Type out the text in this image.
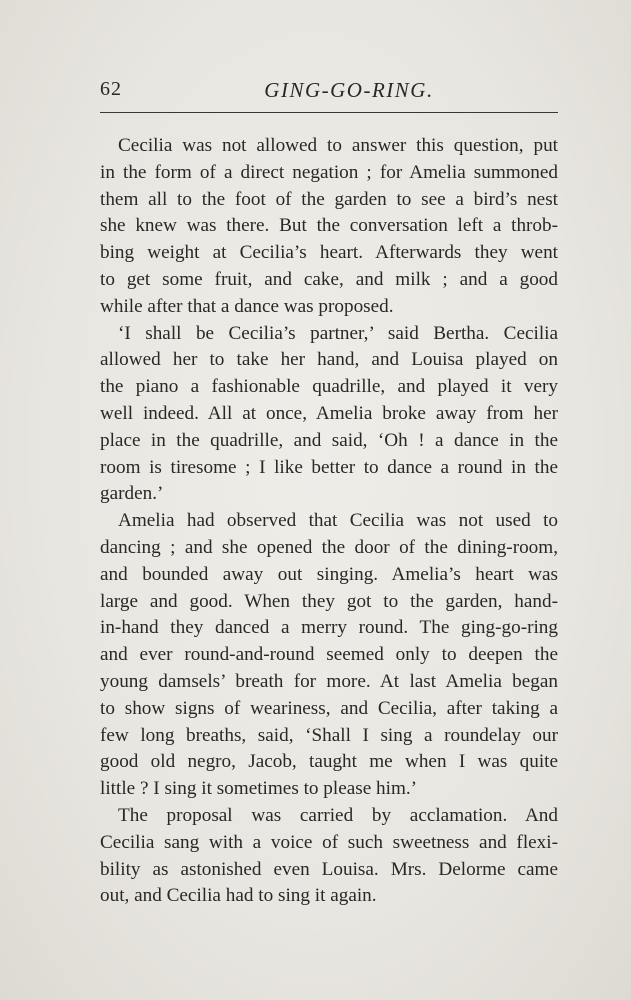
62	GING-GO-RING.
Cecilia was not allowed to answer this question, put
in the form of a direct negation ; for Amelia summoned
them all to the foot of the garden to see a bird’s nest
she knew was there. But the conversation left a throb-
bing weight at Cecilia’s heart. Afterwards they went
to get some fruit, and cake, and milk ; and a good
while after that a dance was proposed.
‘I shall be Cecilia’s partner,’ said Bertha. Cecilia
allowed her to take her hand, and Louisa played on
the piano a fashionable quadrille, and played it very
well indeed. All at once, Amelia broke away from her
place in the quadrille, and said, ‘Oh ! a dance in the
room is tiresome ; I like better to dance a round in the
garden.’
Amelia had observed that Cecilia was not used to
dancing ; and she opened the door of the dining-room,
and bounded away out singing. Amelia’s heart was
large and good. When they got to the garden, hand-
in-hand they danced a merry round. The ging-go-ring
and ever round-and-round seemed only to deepen the
young damsels’ breath for more. At last Amelia began
to show signs of weariness, and Cecilia, after taking a
few long breaths, said, ‘Shall I sing a roundelay our
good old negro, Jacob, taught me when I was quite
little ? I sing it sometimes to please him.’
The proposal was carried by acclamation. And
Cecilia sang with a voice of such sweetness and flexi-
bility as astonished even Louisa. Mrs. Delorme came
out, and Cecilia had to sing it again.
